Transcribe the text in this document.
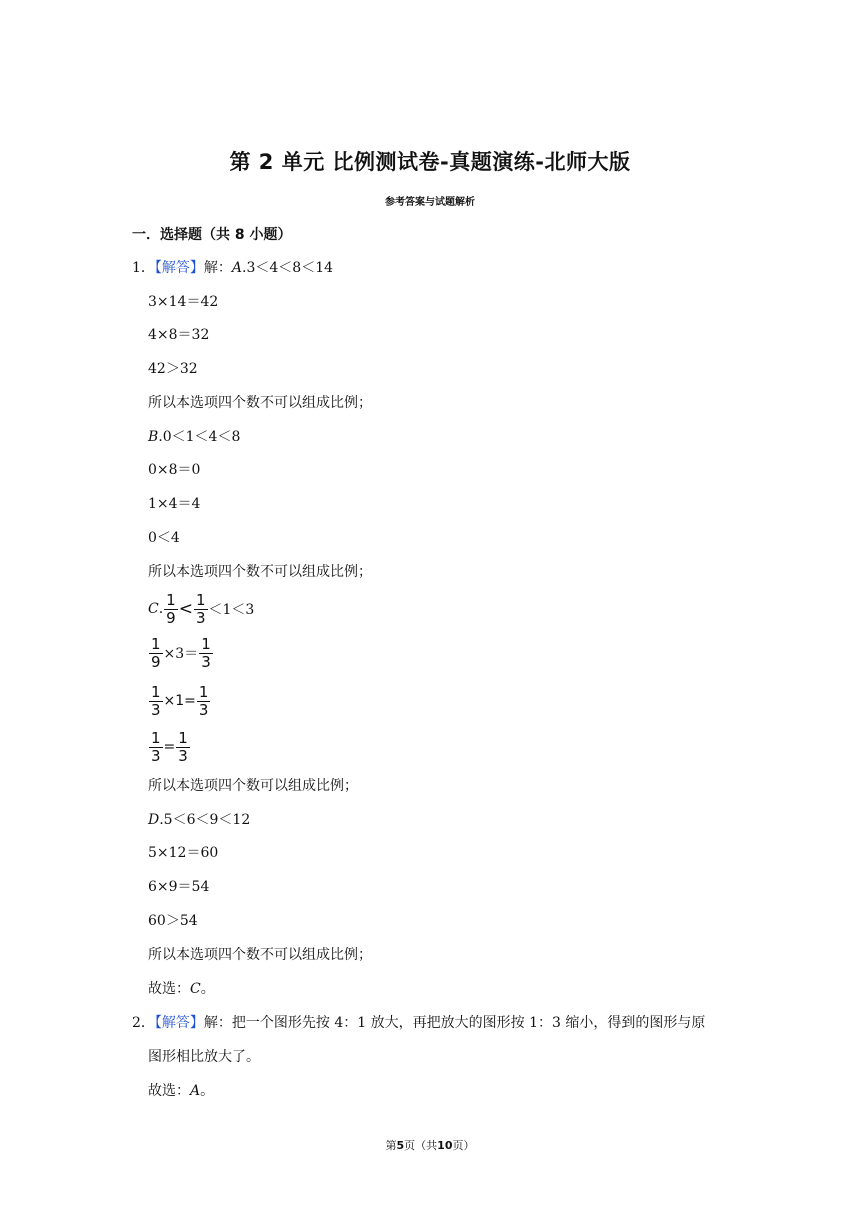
第 2 单元 比例测试卷-真题演练-北师大版
参考答案与试题解析
一．选择题（共 8 小题）
1．【解答】解：A.3＜4＜8＜14
3×14＝42
4×8＝32
42＞32
所以本选项四个数不可以组成比例；
B.0＜1＜4＜8
0×8＝0
1×4＝4
0＜4
所以本选项四个数不可以组成比例；
C . $\frac{1}{9} < \frac{1}{3} <1<3$
$\frac{1}{9} \times 3= \frac{1}{3}$
$\frac{1}{3} \times 1= \frac{1}{3}$
$\frac{1}{3} = \frac{1}{3}$
所以本选项四个数可以组成比例；
D.5＜6＜9＜12
5×12＝60
6×9＝54
60＞54
所以本选项四个数不可以组成比例；
故选：C。
2．【解答】解：把一个图形先按 4：1 放大，再把放大的图形按 1：3 缩小，得到的图形与原
图形相比放大了。
故选：A。
第5页（共10页）
